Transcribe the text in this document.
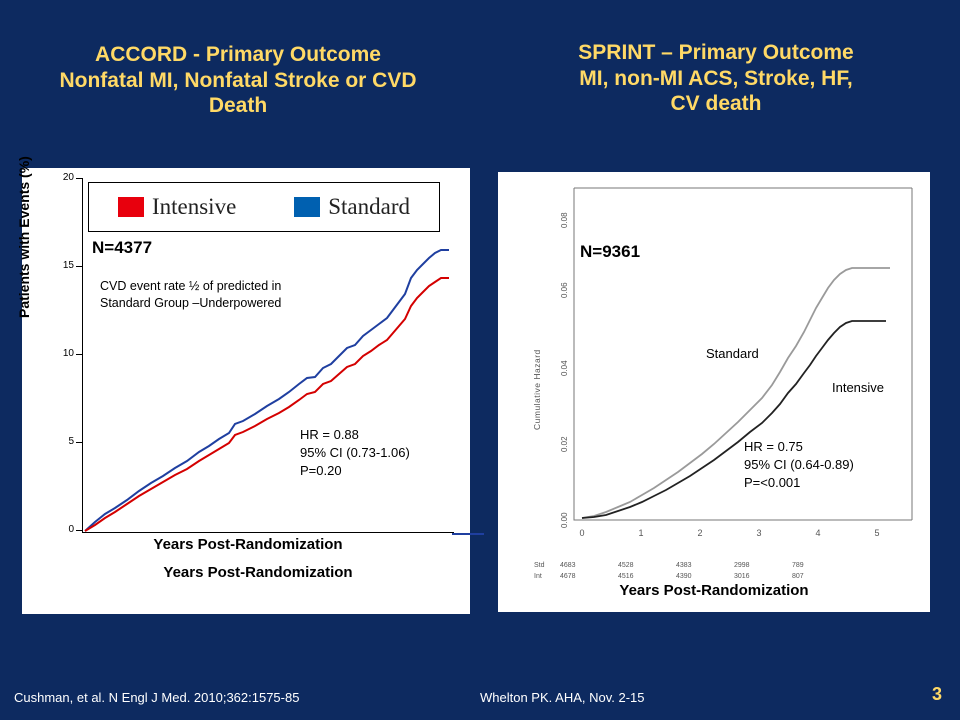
ACCORD - Primary Outcome
Nonfatal MI, Nonfatal Stroke or CVD
Death
SPRINT – Primary Outcome
MI, non-MI ACS, Stroke, HF,
CV death
Patients with Events (%)	20
15
10
5
0
Intensive	Standard
N=4377
CVD event rate ½ of predicted in
Standard Group –Underpowered
HR = 0.88
95% CI (0.73-1.06)
P=0.20
Years Post-Randomization
Years Post-Randomization
Cumulative Hazard
0.08
0.06
0.04
0.02
0.00
N=9361
Standard
Intensive
HR = 0.75
95% CI (0.64-0.89)
P=<0.001
0	1	2	3	4	5
Std	4683	4528	4383	2998	789
Int	4678	4516	4390	3016	807
Years Post-Randomization
Cushman, et al. N Engl J Med. 2010;362:1575-85	Whelton PK. AHA, Nov. 2-15	3
